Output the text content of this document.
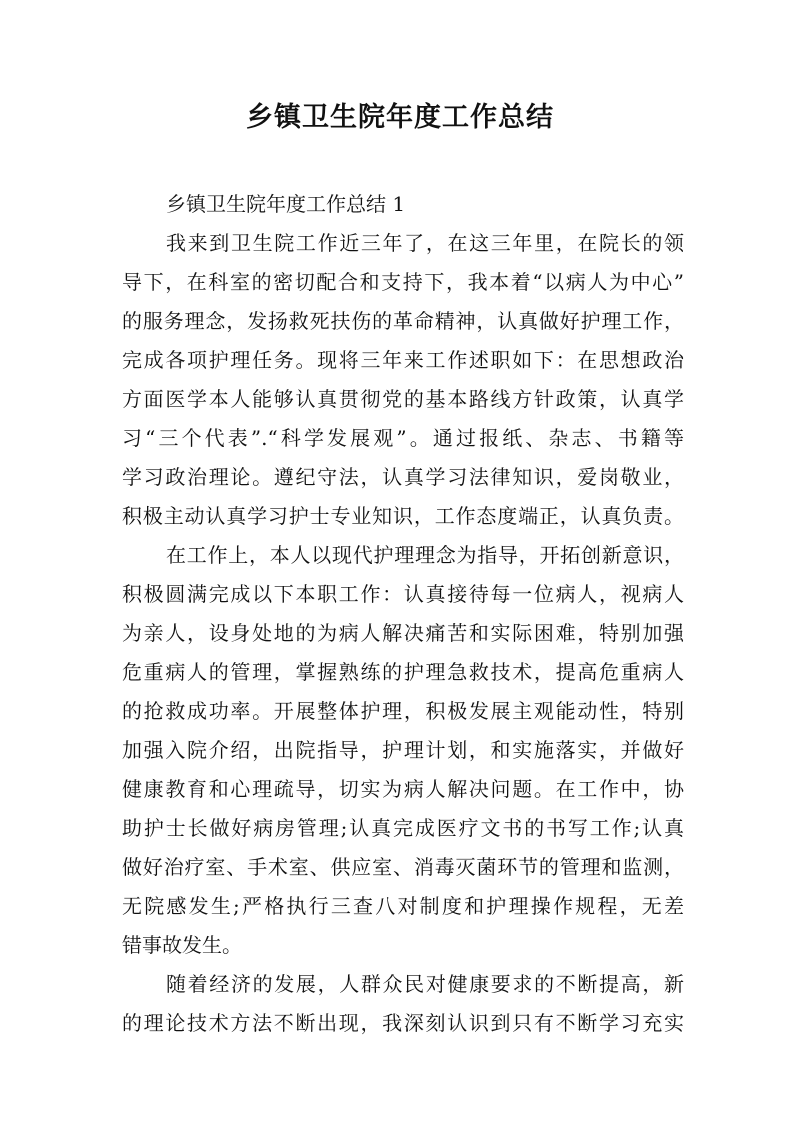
乡镇卫生院年度工作总结

乡镇卫生院年度工作总结 1

我来到卫生院工作近三年了，在这三年里，在院长的领

导下，在科室的密切配合和支持下，我本着“以病人为中心”

的服务理念，发扬救死扶伤的革命精神，认真做好护理工作，

完成各项护理任务。现将三年来工作述职如下：在思想政治

方面医学本人能够认真贯彻党的基本路线方针政策，认真学

习“三个代表”.“科学发展观”。通过报纸、杂志、书籍等

学习政治理论。遵纪守法，认真学习法律知识，爱岗敬业，

积极主动认真学习护士专业知识，工作态度端正，认真负责。

在工作上，本人以现代护理理念为指导，开拓创新意识，

积极圆满完成以下本职工作：认真接待每一位病人，视病人

为亲人，设身处地的为病人解决痛苦和实际困难，特别加强

危重病人的管理，掌握熟练的护理急救技术，提高危重病人

的抢救成功率。开展整体护理，积极发展主观能动性，特别

加强入院介绍，出院指导，护理计划，和实施落实，并做好

健康教育和心理疏导，切实为病人解决问题。在工作中，协

助护士长做好病房管理;认真完成医疗文书的书写工作;认真

做好治疗室、手术室、供应室、消毒灭菌环节的管理和监测，

无院感发生;严格执行三查八对制度和护理操作规程，无差

错事故发生。

随着经济的发展，人群众民对健康要求的不断提高，新

的理论技术方法不断出现，我深刻认识到只有不断学习充实
